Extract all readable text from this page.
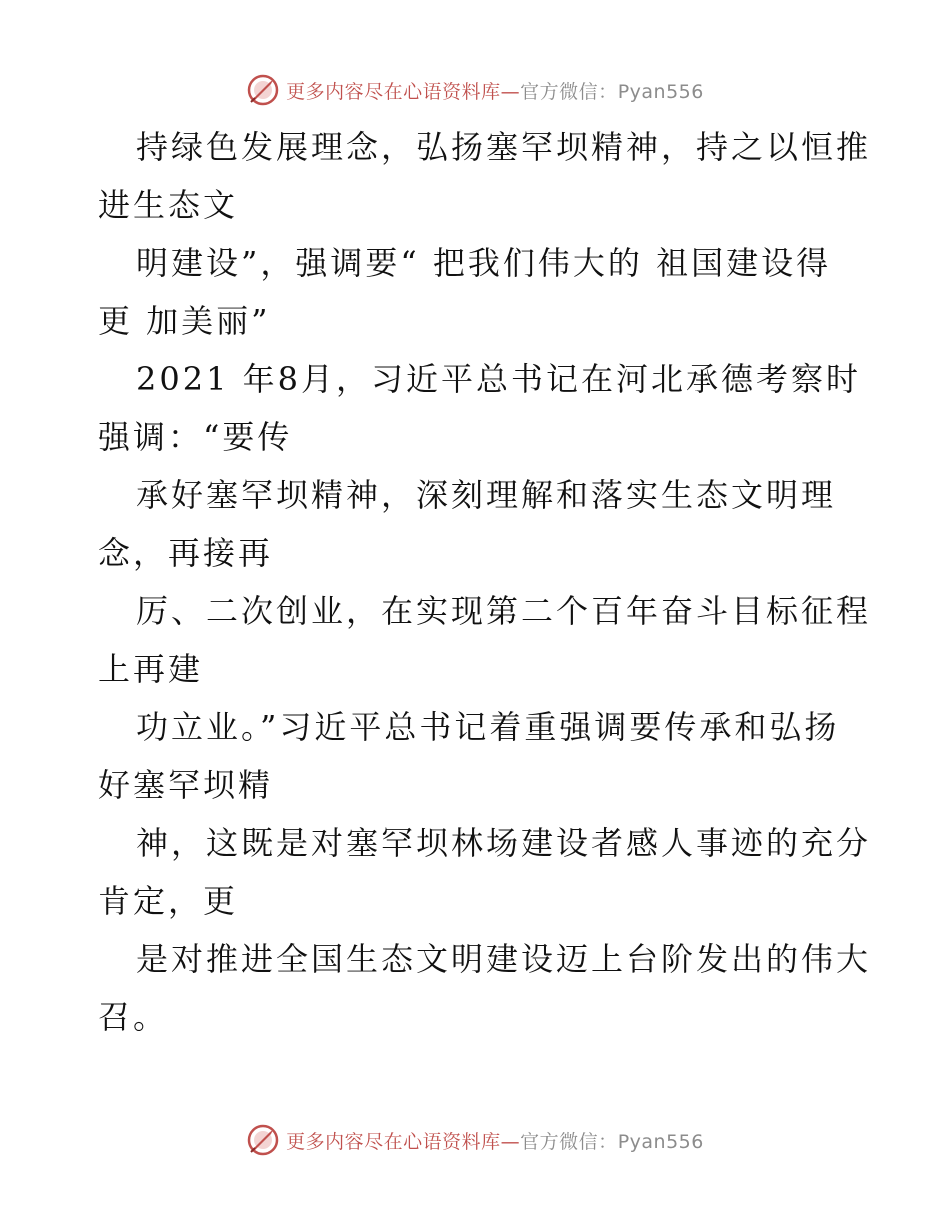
更多内容尽在心语资料库—官方微信：Pyan556
持绿色发展理念，弘扬塞罕坝精神，持之以恒推
进生态文
明建设”，强调要“ 把我们伟大的 祖国建设得
更 加美丽”
2021 年8月，习近平总书记在河北承德考察时
强调：“要传
承好塞罕坝精神，深刻理解和落实生态文明理
念，再接再
厉、二次创业，在实现第二个百年奋斗目标征程
上再建
功立业。”习近平总书记着重强调要传承和弘扬
好塞罕坝精
神，这既是对塞罕坝林场建设者感人事迹的充分
肯定，更
是对推进全国生态文明建设迈上台阶发出的伟大
召。
更多内容尽在心语资料库—官方微信：Pyan556
